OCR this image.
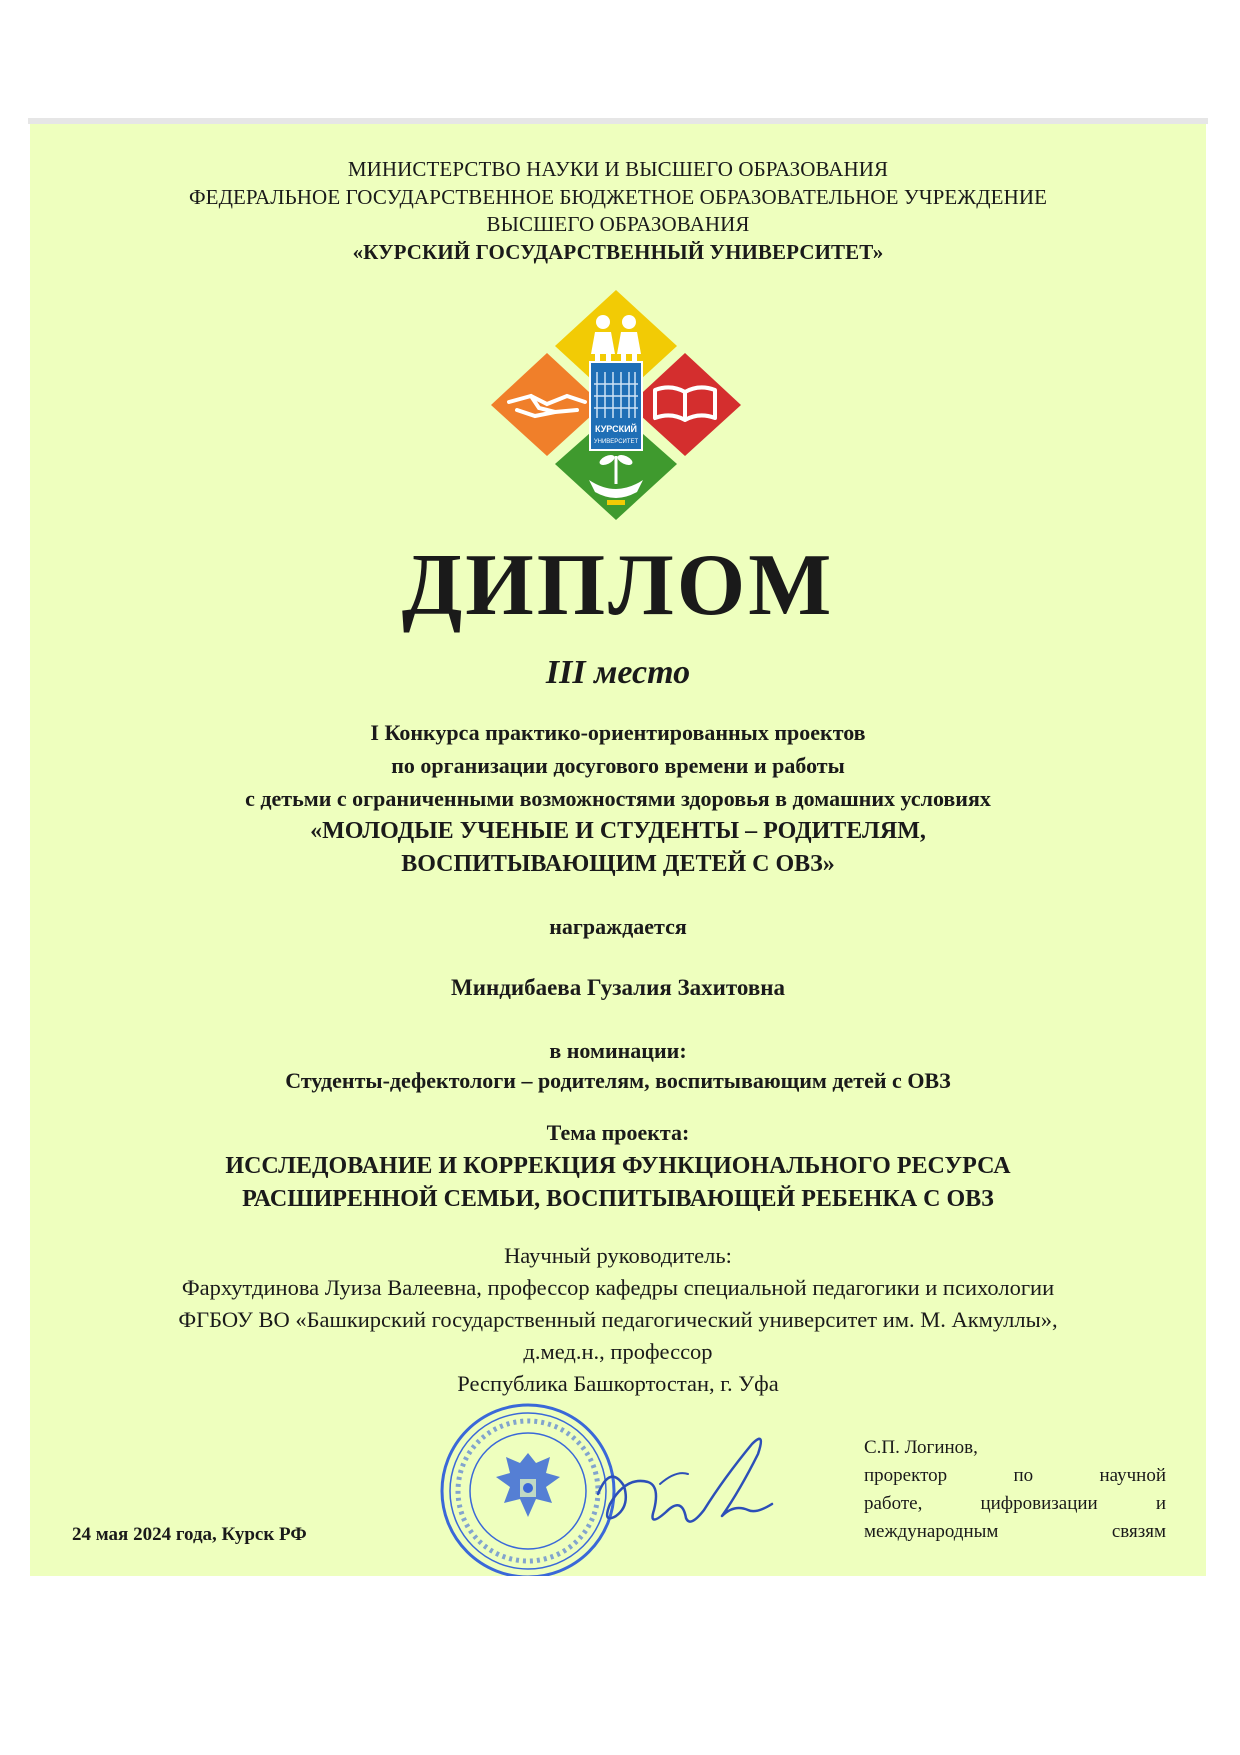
МИНИСТЕРСТВО НАУКИ И ВЫСШЕГО ОБРАЗОВАНИЯ
ФЕДЕРАЛЬНОЕ ГОСУДАРСТВЕННОЕ БЮДЖЕТНОЕ ОБРАЗОВАТЕЛЬНОЕ УЧРЕЖДЕНИЕ
ВЫСШЕГО ОБРАЗОВАНИЯ
«КУРСКИЙ ГОСУДАРСТВЕННЫЙ УНИВЕРСИТЕТ»
КУРСКИЙ
УНИВЕРСИТЕТ
ДИПЛОМ
III место
I Конкурса практико-ориентированных проектов
по организации досугового времени и работы
с детьми с ограниченными возможностями здоровья в домашних условиях
«МОЛОДЫЕ УЧЕНЫЕ И СТУДЕНТЫ – РОДИТЕЛЯМ,
ВОСПИТЫВАЮЩИМ ДЕТЕЙ С ОВЗ»
награждается
Миндибаева Гузалия Захитовна
в номинации:
Студенты-дефектологи – родителям, воспитывающим детей с ОВЗ
Тема проекта:
ИССЛЕДОВАНИЕ И КОРРЕКЦИЯ ФУНКЦИОНАЛЬНОГО РЕСУРСА
РАСШИРЕННОЙ СЕМЬИ, ВОСПИТЫВАЮЩЕЙ РЕБЕНКА С ОВЗ
Научный руководитель:
Фархутдинова Луиза Валеевна, профессор кафедры специальной педагогики и психологии
ФГБОУ ВО «Башкирский государственный педагогический университет им. М. Акмуллы»,
д.мед.н., профессор
Республика Башкортостан, г. Уфа
24 мая 2024 года, Курск РФ
С.П. Логинов,
проректор по научной
работе, цифровизации и
международным связям
